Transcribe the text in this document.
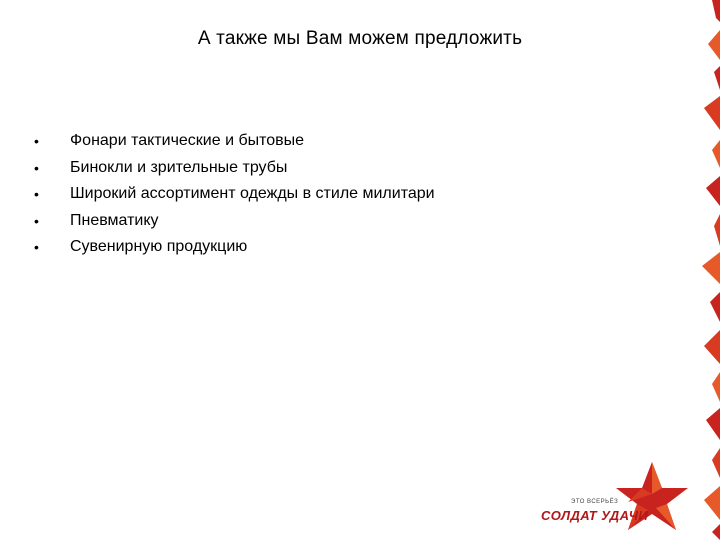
А также мы Вам можем предложить
• Фонари тактические и бытовые
• Бинокли и зрительные трубы
• Широкий ассортимент одежды в стиле милитари
• Пневматику
• Сувенирную продукцию
ЭТО ВСЕРЬЁЗ
СОЛДАТ УДАЧИ
